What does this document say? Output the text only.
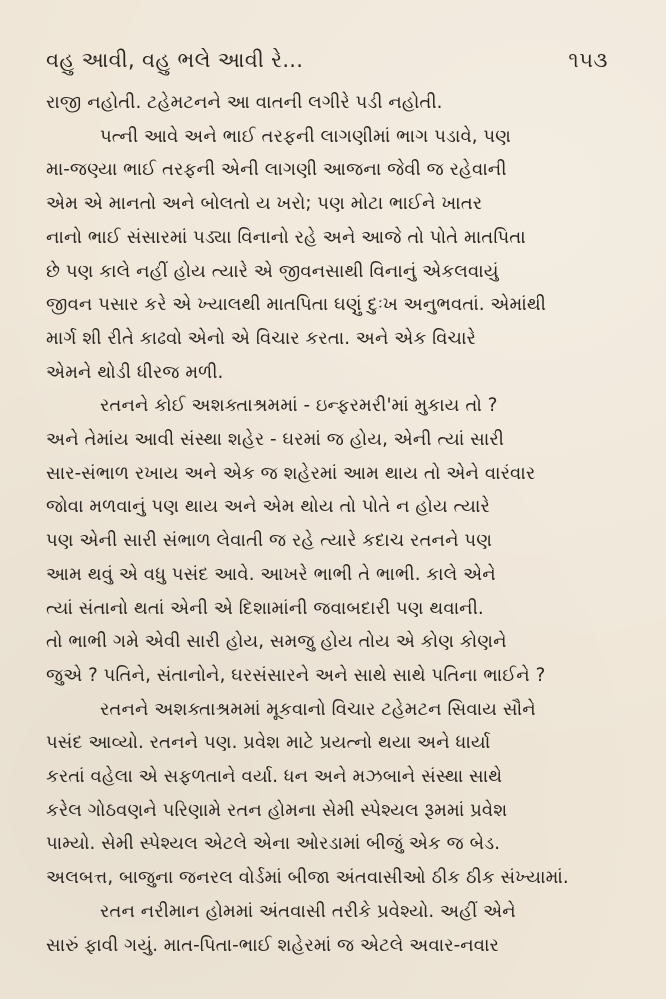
વહુ આવી, વહુ ભલે આવી રે...	૧૫૩
રાજી નહોતી. ટહેમટનને આ વાતની લગીરે પડી નહોતી.
પત્ની આવે અને ભાઈ તરફની લાગણીમાં ભાગ પડાવે, પણ
મા-જણ્યા ભાઈ તરફની એની લાગણી આજના જેવી જ રહેવાની
એમ એ માનતો અને બોલતો ય ખરો; પણ મોટા ભાઈને ખાતર
નાનો ભાઈ સંસારમાં પડ્યા વિનાનો રહે અને આજે તો પોતે માતપિતા
છે પણ કાલે નહીં હોય ત્યારે એ જીવનસાથી વિનાનું એકલવાયું
જીવન પસાર કરે એ ખ્યાલથી માતપિતા ઘણું દુઃખ અનુભવતાં. એમાંથી
માર્ગ શી રીતે કાઢવો એનો એ વિચાર કરતા. અને એક વિચારે
એમને થોડી ધીરજ મળી.
રતનને કોઈ અશક્તાશ્રમમાં - ઇન્ફરમરી'માં મુકાય તો ?
અને તેમાંય આવી સંસ્થા શહેર - ઘરમાં જ હોય, એની ત્યાં સારી
સાર-સંભાળ રખાય અને એક જ શહેરમાં આમ થાય તો એને વારંવાર
જોવા મળવાનું પણ થાય અને એમ થોય તો પોતે ન હોય ત્યારે
પણ એની સારી સંભાળ લેવાતી જ રહે ત્યારે કદાચ રતનને પણ
આમ થવું એ વધુ પસંદ આવે. આખરે ભાભી તે ભાભી. કાલે એને
ત્યાં સંતાનો થતાં એની એ દિશામાંની જવાબદારી પણ થવાની.
તો ભાભી ગમે એવી સારી હોય, સમજુ હોય તોય એ કોણ કોણને
જુએ ? પતિને, સંતાનોને, ઘરસંસારને અને સાથે સાથે પતિના ભાઈને ?
રતનને અશક્તાશ્રમમાં મૂકવાનો વિચાર ટહેમટન સિવાય સૌને
પસંદ આવ્યો. રતનને પણ. પ્રવેશ માટે પ્રયત્નો થયા અને ધાર્યા
કરતાં વહેલા એ સફળતાને વર્યા. ધન અને મઝબાને સંસ્થા સાથે
કરેલ ગોઠવણને પરિણામે રતન હોમના સેમી સ્પેશ્યલ રૂમમાં પ્રવેશ
પામ્યો. સેમી સ્પેશ્યલ એટલે એના ઓરડામાં બીજું એક જ બેડ.
અલબત્ત, બાજુના જનરલ વોર્ડમાં બીજા અંતવાસીઓ ઠીક ઠીક સંખ્યામાં.
રતન નરીમાન હોમમાં અંતવાસી તરીકે પ્રવેશ્યો. અહીં એને
સારું ફાવી ગયું. માત-પિતા-ભાઈ શહેરમાં જ એટલે અવાર-નવાર
